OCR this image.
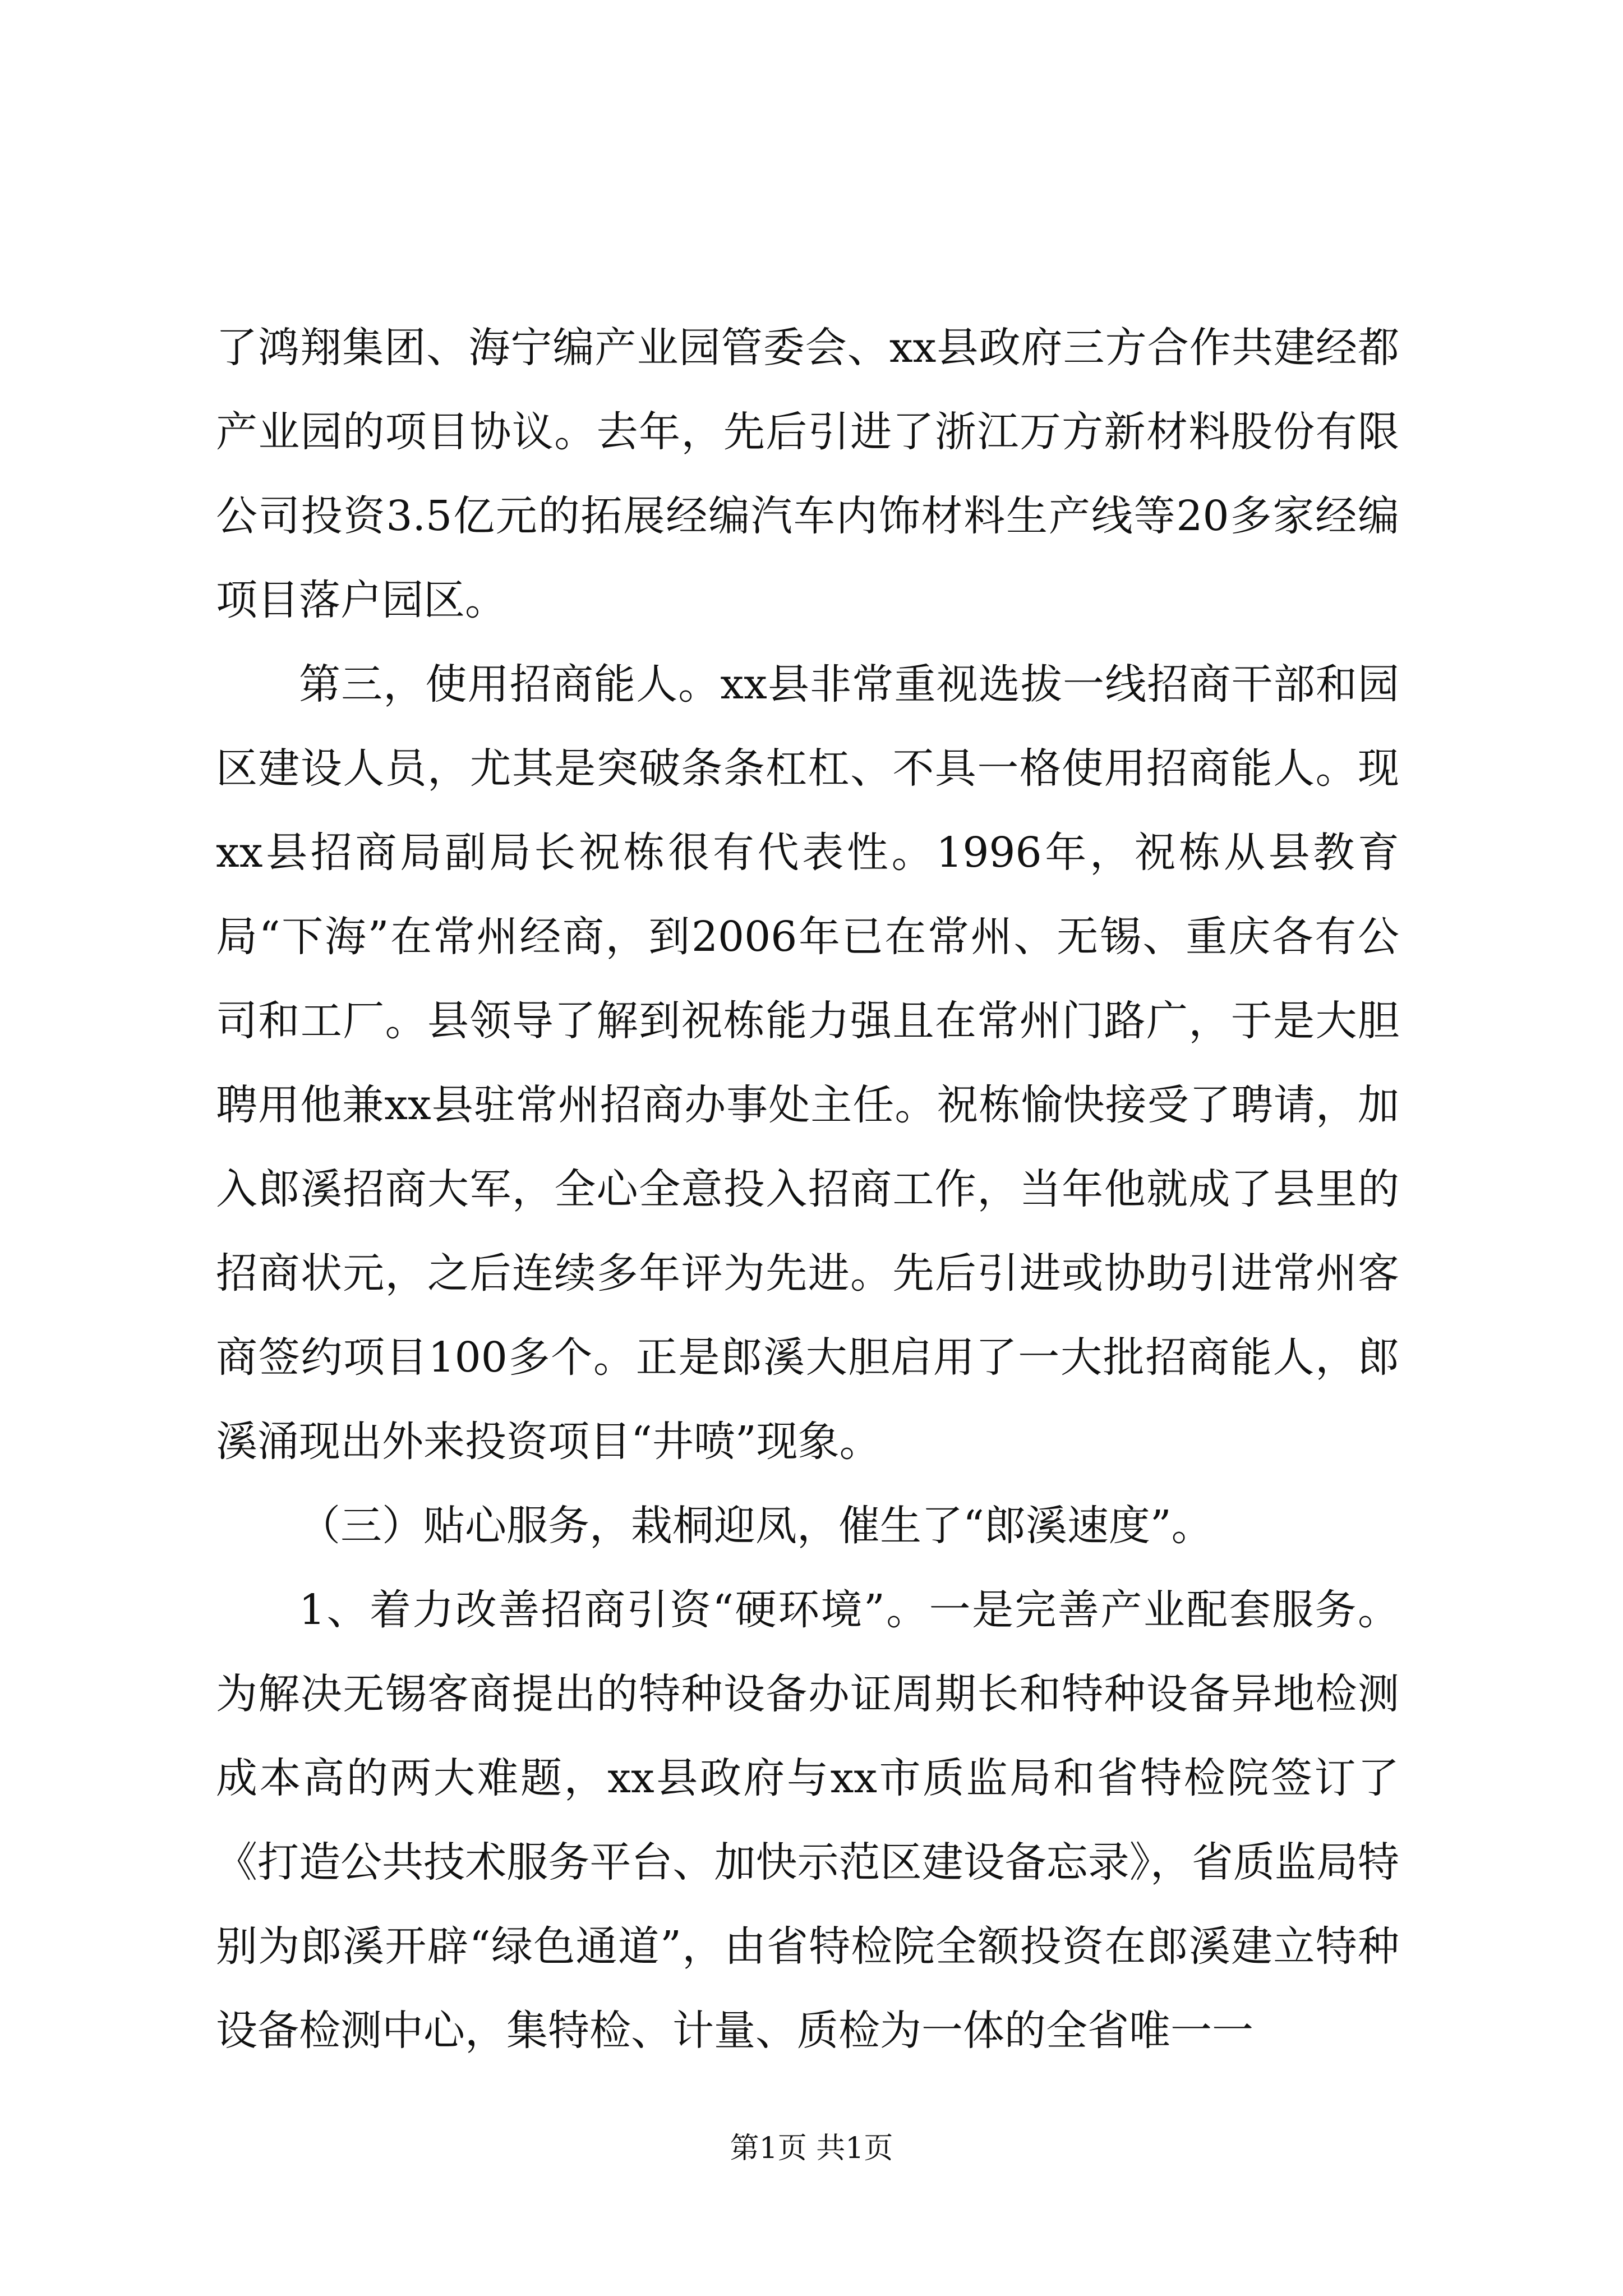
了鸿翔集团、海宁编产业园管委会、xx县政府三方合作共建经都产业园的项目协议。去年，先后引进了浙江万方新材料股份有限公司投资3.5亿元的拓展经编汽车内饰材料生产线等20多家经编项目落户园区。

第三，使用招商能人。xx县非常重视选拔一线招商干部和园区建设人员，尤其是突破条条杠杠、不具一格使用招商能人。现xx县招商局副局长祝栋很有代表性。1996年，祝栋从县教育局“下海”在常州经商，到2006年已在常州、无锡、重庆各有公司和工厂。县领导了解到祝栋能力强且在常州门路广，于是大胆聘用他兼xx县驻常州招商办事处主任。祝栋愉快接受了聘请，加入郎溪招商大军，全心全意投入招商工作，当年他就成了县里的招商状元，之后连续多年评为先进。先后引进或协助引进常州客商签约项目100多个。正是郎溪大胆启用了一大批招商能人，郎溪涌现出外来投资项目“井喷”现象。

（三）贴心服务，栽桐迎凤，催生了“郎溪速度”。

1、着力改善招商引资“硬环境”。一是完善产业配套服务。为解决无锡客商提出的特种设备办证周期长和特种设备异地检测成本高的两大难题，xx县政府与xx市质监局和省特检院签订了《打造公共技术服务平台、加快示范区建设备忘录》，省质监局特别为郎溪开辟“绿色通道”，由省特检院全额投资在郎溪建立特种设备检测中心，集特检、计量、质检为一体的全省唯一一

第1页 共1页
